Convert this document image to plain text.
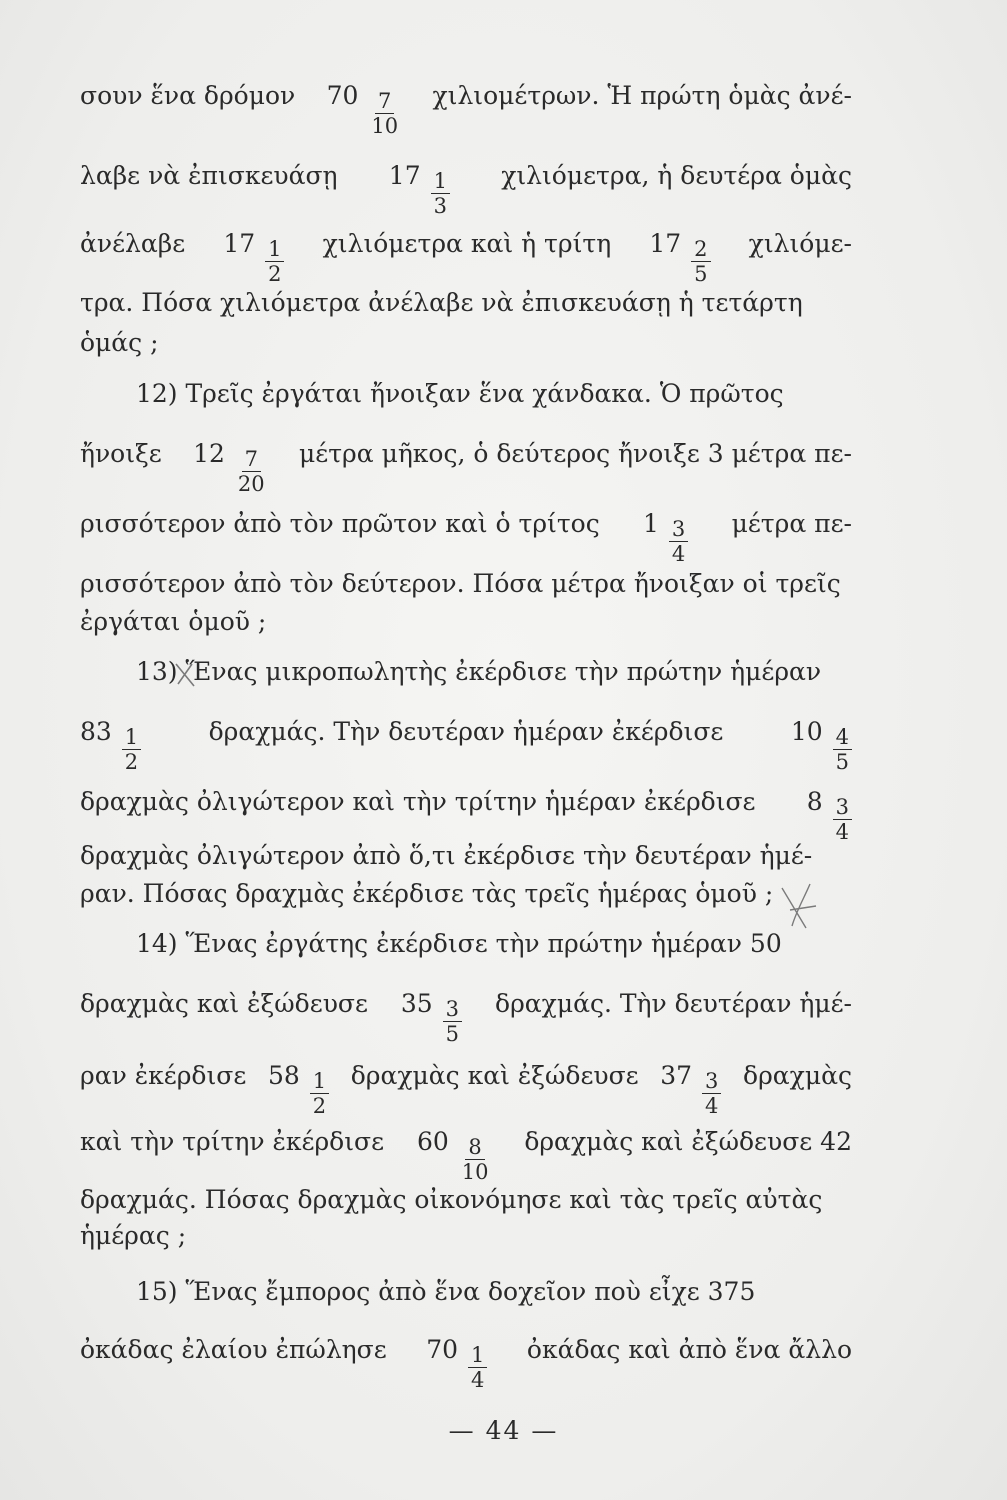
σουν ἕνα δρόμον $70 \frac{7}{10} \chi\iota\lambda\iota o\mu έ\tau\rho\omega\nu$. Ἡ πρώτη ὁμὰς ἀνέ-
λαβε νὰ ἐπισκευάσῃ $17 \frac{1}{3} \chi\iota\lambda\iota ό\mu\varepsilon\tau\rho\alpha$, ἡ δευτέρα ὁμὰς
ἀνέλαβε $17 \frac{1}{2}$ χιλιόμετρα καὶ ἡ τρίτη $17 \frac{2}{5} \chi\iota\lambda\iota ό\mu\varepsilon-$
τρα. Πόσα χιλιόμετρα ἀνέλαβε νὰ ἐπισκευάσῃ ἡ τετάρτη
ὁμάς ;
12) Τρεῖς ἐργάται ἤνοιξαν ἕνα χάνδακα. Ὁ πρῶτος
ἤνοιξε $12 \frac{7}{20}$ μέτρα μῆκος, ὁ δεύτερος ἤνοιξε 3 μέτρα πε-
ρισσότερον ἀπὸ τὸν πρῶτον καὶ ὁ τρίτος $1 \frac{3}{4}$ μέτρα πε-
ρισσότερον ἀπὸ τὸν δεύτερον. Πόσα μέτρα ἤνοιξαν οἱ τρεῖς
ἐργάται ὁμοῦ ;
13) Ἕνας μικροπωλητὴς ἐκέρδισε τὴν πρώτην ἡμέραν
$83 \frac{1}{2}$	δραχμάς. Τὴν δευτέραν ἡμέραν ἐκέρδισε	$10 \frac{4}{5}$
δραχμὰς ὀλιγώτερον καὶ τὴν τρίτην ἡμέραν ἐκέρδισε $8 \frac{3}{4}$
δραχμὰς ὀλιγώτερον ἀπὸ ὅ,τι ἐκέρδισε τὴν δευτέραν ἡμέ-
ραν. Πόσας δραχμὰς ἐκέρδισε τὰς τρεῖς ἡμέρας ὁμοῦ ;
14) Ἕνας ἐργάτης ἐκέρδισε τὴν πρώτην ἡμέραν 50
δραχμὰς καὶ ἐξώδευσε $35 \frac{3}{5} \delta\rho\alpha\chi\mu ά\varsigma$. Τὴν δευτέραν ἡμέ-
ραν ἐκέρδισε $58 \frac{1}{2}$ δραχμὰς καὶ ἐξώδευσε $37 \frac{3}{4}$ δραχμὰς
καὶ τὴν τρίτην ἐκέρδισε $60 \frac{8}{10}$ δραχμὰς καὶ ἐξώδευσε 42
δραχμάς. Πόσας δραχμὰς οἰκονόμησε καὶ τὰς τρεῖς αὐτὰς
ἡμέρας ;
15) Ἕνας ἔμπορος ἀπὸ ἕνα δοχεῖον ποὺ εἶχε 375
ὀκάδας ἐλαίου ἐπώλησε $70 \frac{1}{4}$ ὀκάδας καὶ ἀπὸ ἕνα ἄλλο
— 44 —
